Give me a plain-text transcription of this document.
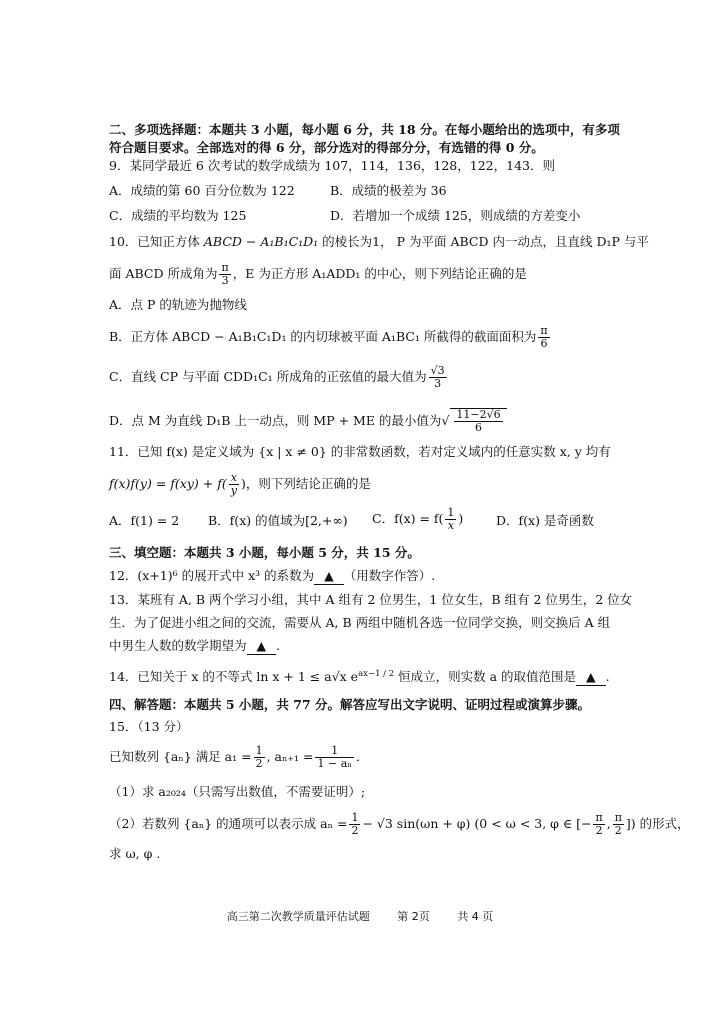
二、多项选择题：本题共 3 小题，每小题 6 分，共 18 分。在每小题给出的选项中，有多项
符合题目要求。全部选对的得 6 分，部分选对的得部分分，有选错的得 0 分。
9．某同学最近 6 次考试的数学成绩为 107，114，136，128，122，143．则
A．成绩的第 60 百分位数为 122	B．成绩的极差为 36
C．成绩的平均数为 125	D．若增加一个成绩 125，则成绩的方差变小
10．已知正方体 ABCD − A₁B₁C₁D₁ 的棱长为1， P 为平面 ABCD 内一动点，且直线 D₁P 与平
面 ABCD 所成角为 $\frac{\pi}{3}$ ，E 为正方形 A₁ADD₁ 的中心，则下列结论正确的是
A．点 P 的轨迹为抛物线
B．正方体 ABCD − A₁B₁C₁D₁ 的内切球被平面 A₁BC₁ 所截得的截面面积为 $\frac{\pi}{6}$
C．直线 CP 与平面 CDD₁C₁ 所成角的正弦值的最大值为 $\frac{√3}{3}$
D．点 M 为直线 D₁B 上一动点，则 MP + ME 的最小值为√ $\frac{11-2√6}{6}$
11．已知 f(x) 是定义域为 {x | x ≠ 0} 的非常数函数，若对定义域内的任意实数 x, y 均有
$f(x)f(y) = f(xy) + f( \frac{x}{y}$ )，则下列结论正确的是
A．f(1) = 2 B．f(x) 的值域为[2,+∞) C．$f(x) = f( \frac{1}{x}$ )	D．f(x) 是奇函数
三、填空题：本题共 3 小题，每小题 5 分，共 15 分。
12．(x+1)⁶ 的展开式中 x³ 的系数为 ▲ （用数字作答）.
13．某班有 A, B 两个学习小组，其中 A 组有 2 位男生，1 位女生，B 组有 2 位男生，2 位女
生．为了促进小组之间的交流，需要从 A, B 两组中随机各选一位同学交换，则交换后 A 组
中男生人数的数学期望为 ▲ .
14．已知关于 x 的不等式 ln x + 1 ≤ a√x $e^{ax-1 / 2}$ 恒成立，则实数 a 的取值范围是 ▲ .
四、解答题：本题共 5 小题，共 77 分。解答应写出文字说明、证明过程或演算步骤。
15．（13 分）
已知数列 {aₙ} 满足 $a_1 = \frac{1}{2}$ , $a_{n+1} = \frac{1}{\text{1 − aₙ}}$ ．
（1）求 a₂₀₂₄（只需写出数值，不需要证明）;
（2）若数列 {aₙ} 的通项可以表示成 $a_n = \frac{1}{2} - √3$ sin(ωn + φ) (0 < ω < 3, φ ∈ [− $\frac{\pi}{2}$ , $\frac{\pi}{2}$ ]) 的形式，
求 ω, φ .
高三第二次教学质量评估试题	第 2页	共 4 页
